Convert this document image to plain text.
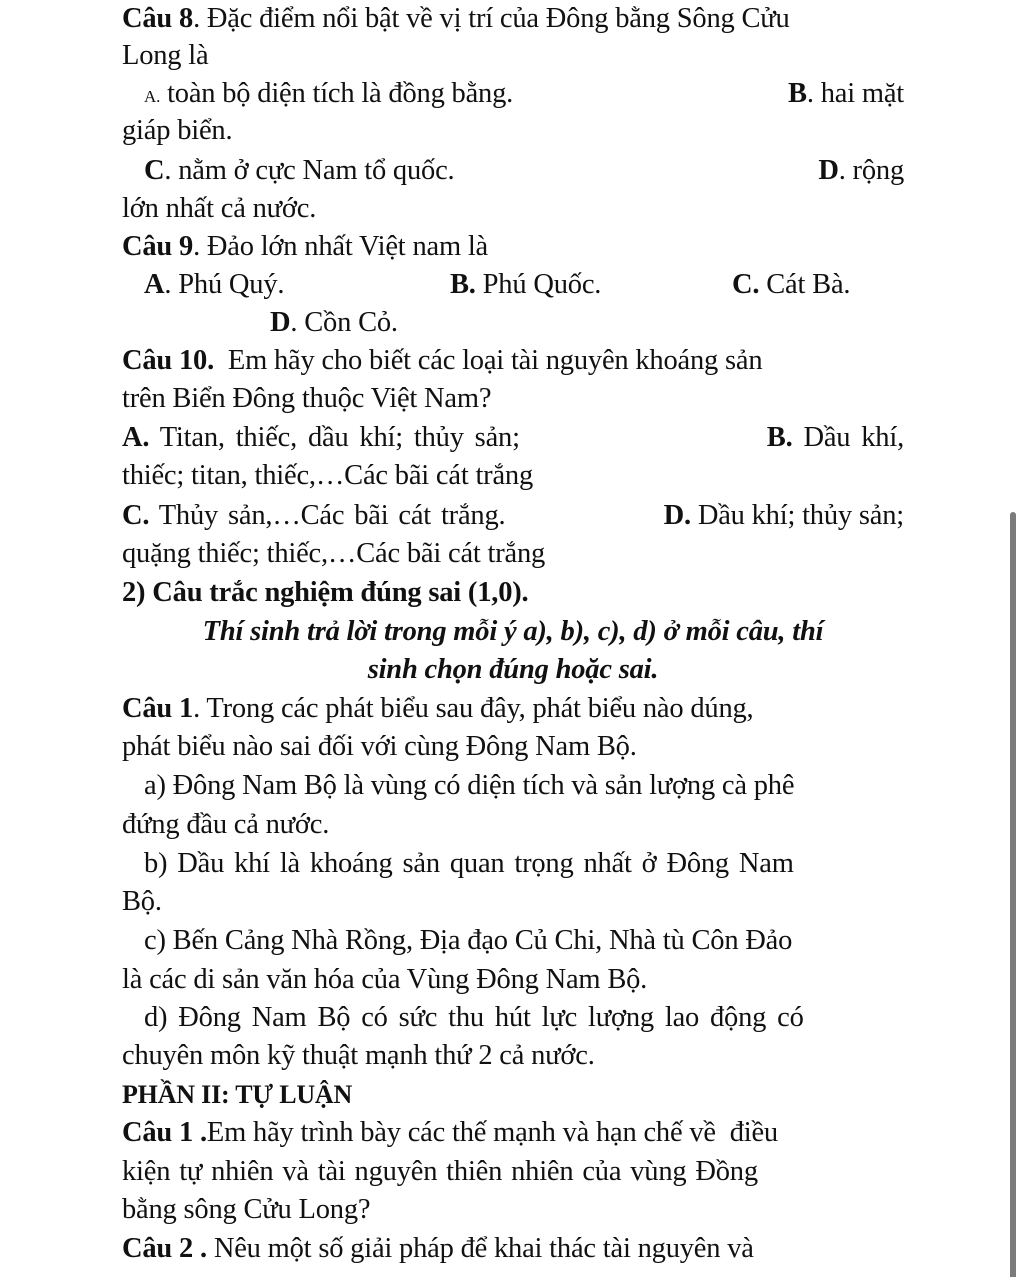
Câu 8. Đặc điểm nổi bật về vị trí của Đông bằng Sông Cửu
Long là
A. toàn bộ diện tích là đồng bằng.	B. hai mặt
giáp biển.
C. nằm ở cực Nam tổ quốc.	D. rộng
lớn nhất cả nước.
Câu 9. Đảo lớn nhất Việt nam là
A. Phú Quý.	B. Phú Quốc.	C. Cát Bà.
D. Cồn Cỏ.
Câu 10.  Em hãy cho biết các loại tài nguyên khoáng sản
trên Biển Đông thuộc Việt Nam?
A. Titan, thiếc, dầu khí; thủy sản;	B. Dầu khí,
thiếc; titan, thiếc,…Các bãi cát trắng
C. Thủy sản,…Các bãi cát trắng.	D. Dầu khí; thủy sản;
quặng thiếc; thiếc,…Các bãi cát trắng
2) Câu trắc nghiệm đúng sai (1,0).
Thí sinh trả lời trong mỗi ý a), b), c), d) ở mỗi câu, thí
sinh chọn đúng hoặc sai.
Câu 1. Trong các phát biểu sau đây, phát biểu nào dúng,
phát biểu nào sai đối với cùng Đông Nam Bộ.
a) Đông Nam Bộ là vùng có diện tích và sản lượng cà phê
đứng đầu cả nước.
b) Dầu khí là khoáng sản quan trọng nhất ở Đông Nam
Bộ.
c) Bến Cảng Nhà Rồng, Địa đạo Củ Chi, Nhà tù Côn Đảo
là các di sản văn hóa của Vùng Đông Nam Bộ.
d) Đông Nam Bộ có sức thu hút lực lượng lao động có
chuyên môn kỹ thuật mạnh thứ 2 cả nước.
PHẦN II: TỰ LUẬN
Câu 1 .Em hãy trình bày các thế mạnh và hạn chế về  điều
kiện tự nhiên và tài nguyên thiên nhiên của vùng Đồng
bằng sông Cửu Long?
Câu 2 . Nêu một số giải pháp để khai thác tài nguyên và
